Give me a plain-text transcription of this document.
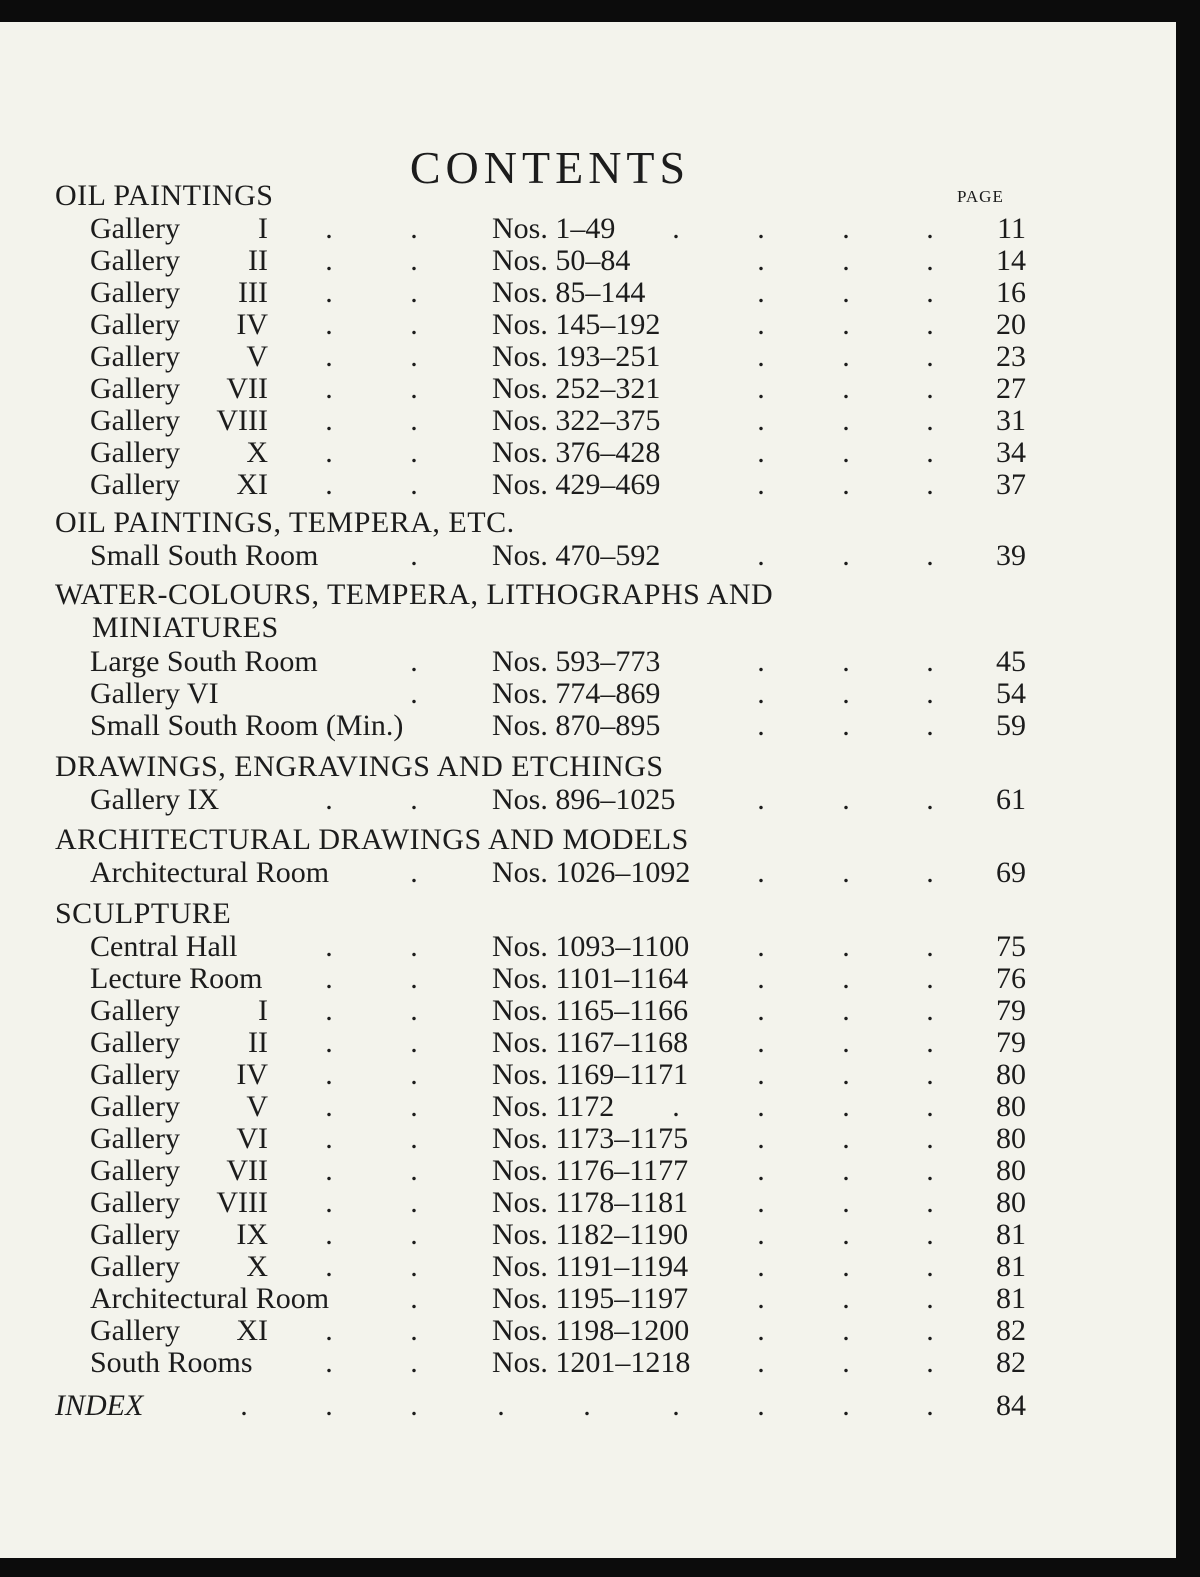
CONTENTS
PAGE
OIL PAINTINGS
Gallery	I .	. Nos. 1–49 .	.	.	. 11
Gallery II .	. Nos. 50–84	.	.	. 14
Gallery III .	. Nos. 85–144	.	.	. 16
Gallery IV .	. Nos. 145–192	.	.	. 20
Gallery V .	. Nos. 193–251	.	.	. 23
Gallery VII .	. Nos. 252–321	.	.	. 27
Gallery VIII .	. Nos. 322–375	.	.	. 31
Gallery X .	. Nos. 376–428	.	.	. 34
Gallery XI .	. Nos. 429–469	.	.	. 37
OIL PAINTINGS, TEMPERA, ETC.
Small South Room	. Nos. 470–592	.	.	. 39
WATER-COLOURS, TEMPERA, LITHOGRAPHS AND
MINIATURES
Large South Room	. Nos. 593–773	.	.	. 45
Gallery VI	. Nos. 774–869	.	.	. 54
Small South Room (Min.)	Nos. 870–895	.	.	. 59
DRAWINGS, ENGRAVINGS AND ETCHINGS
Gallery IX	.	. Nos. 896–1025	.	.	. 61
ARCHITECTURAL DRAWINGS AND MODELS
Architectural Room	. Nos. 1026–1092 .	.	. 69
SCULPTURE
Central Hall	.	. Nos. 1093–1100 .	.	. 75
Lecture Room .	. Nos. 1101–1164 .	.	. 76
Gallery	I .	. Nos. 1165–1166 .	.	. 79
Gallery II .	. Nos. 1167–1168 .	.	. 79
Gallery IV .	. Nos. 1169–1171 .	.	. 80
Gallery V .	. Nos. 1172 .	.	.	. 80
Gallery VI .	. Nos. 1173–1175 .	.	. 80
Gallery VII .	. Nos. 1176–1177 .	.	. 80
Gallery VIII .	. Nos. 1178–1181 .	.	. 80
Gallery IX .	. Nos. 1182–1190 .	.	. 81
Gallery X .	. Nos. 1191–1194 .	.	. 81
Architectural Room	. Nos. 1195–1197 .	.	. 81
Gallery XI .	. Nos. 1198–1200 .	.	. 82
South Rooms .	. Nos. 1201–1218 .	.	. 82
INDEX	.	.	.	.	.	.	.	.	. 84
